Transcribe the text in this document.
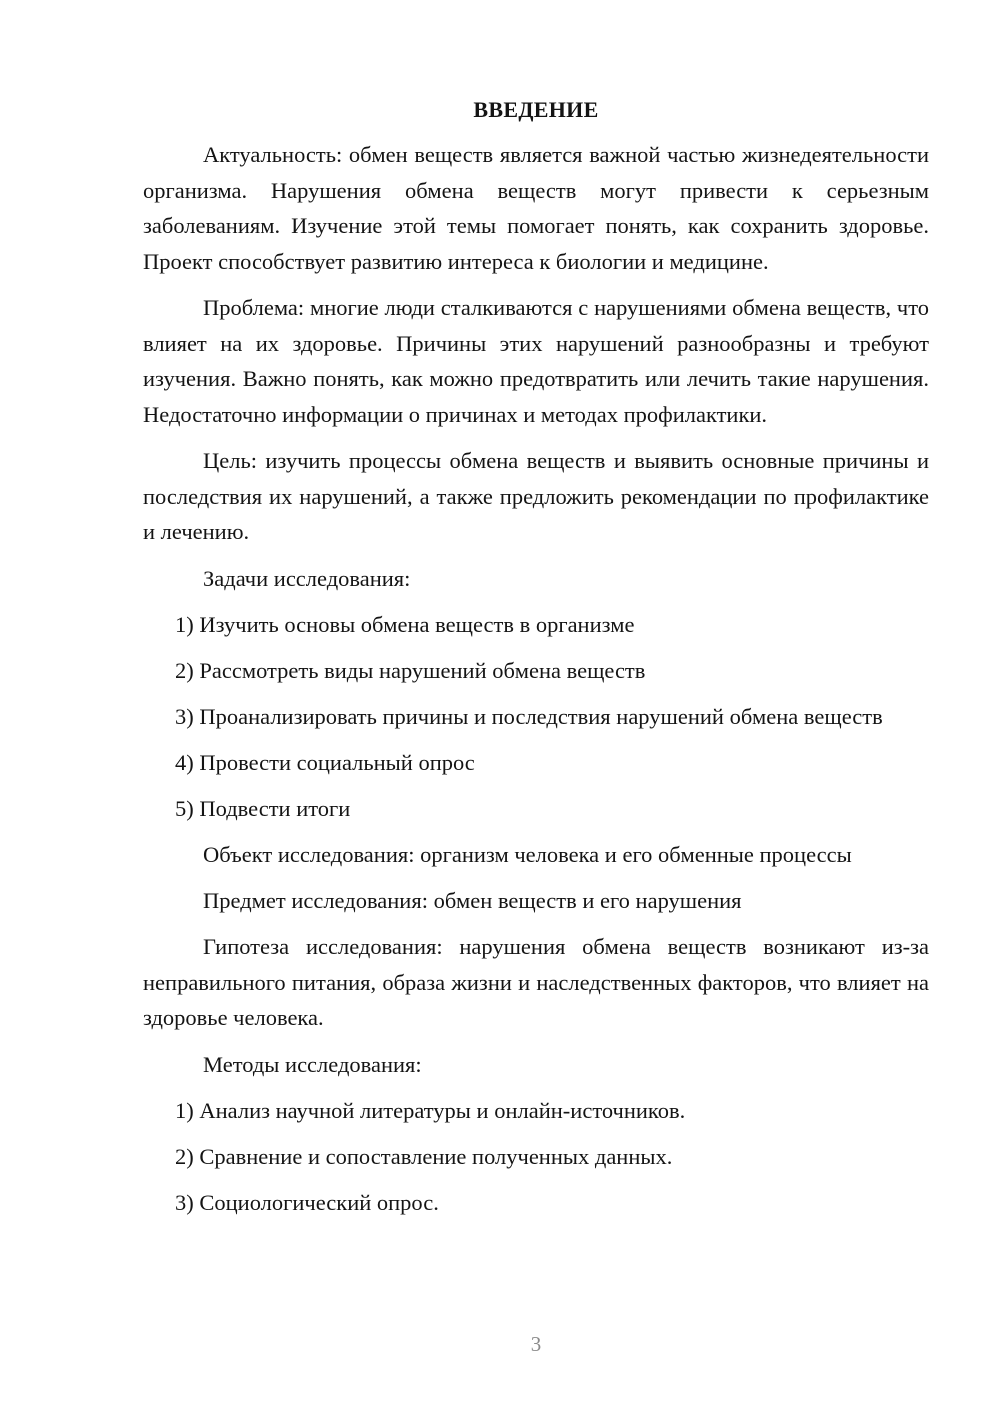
ВВЕДЕНИЕ

Актуальность: обмен веществ является важной частью жизнедеятельности организма. Нарушения обмена веществ могут привести к серьезным заболеваниям. Изучение этой темы помогает понять, как сохранить здоровье. Проект способствует развитию интереса к биологии и медицине.

Проблема: многие люди сталкиваются с нарушениями обмена веществ, что влияет на их здоровье. Причины этих нарушений разнообразны и требуют изучения. Важно понять, как можно предотвратить или лечить такие нарушения. Недостаточно информации о причинах и методах профилактики.

Цель: изучить процессы обмена веществ и выявить основные причины и последствия их нарушений, а также предложить рекомендации по профилактике и лечению.

Задачи исследования:
1) Изучить основы обмена веществ в организме
2) Рассмотреть виды нарушений обмена веществ
3) Проанализировать причины и последствия нарушений обмена веществ
4) Провести социальный опрос
5) Подвести итоги
Объект исследования: организм человека и его обменные процессы
Предмет исследования: обмен веществ и его нарушения

Гипотеза исследования: нарушения обмена веществ возникают из-за неправильного питания, образа жизни и наследственных факторов, что влияет на здоровье человека.

Методы исследования:
1) Анализ научной литературы и онлайн-источников.
2) Сравнение и сопоставление полученных данных.
3) Социологический опрос.
3
